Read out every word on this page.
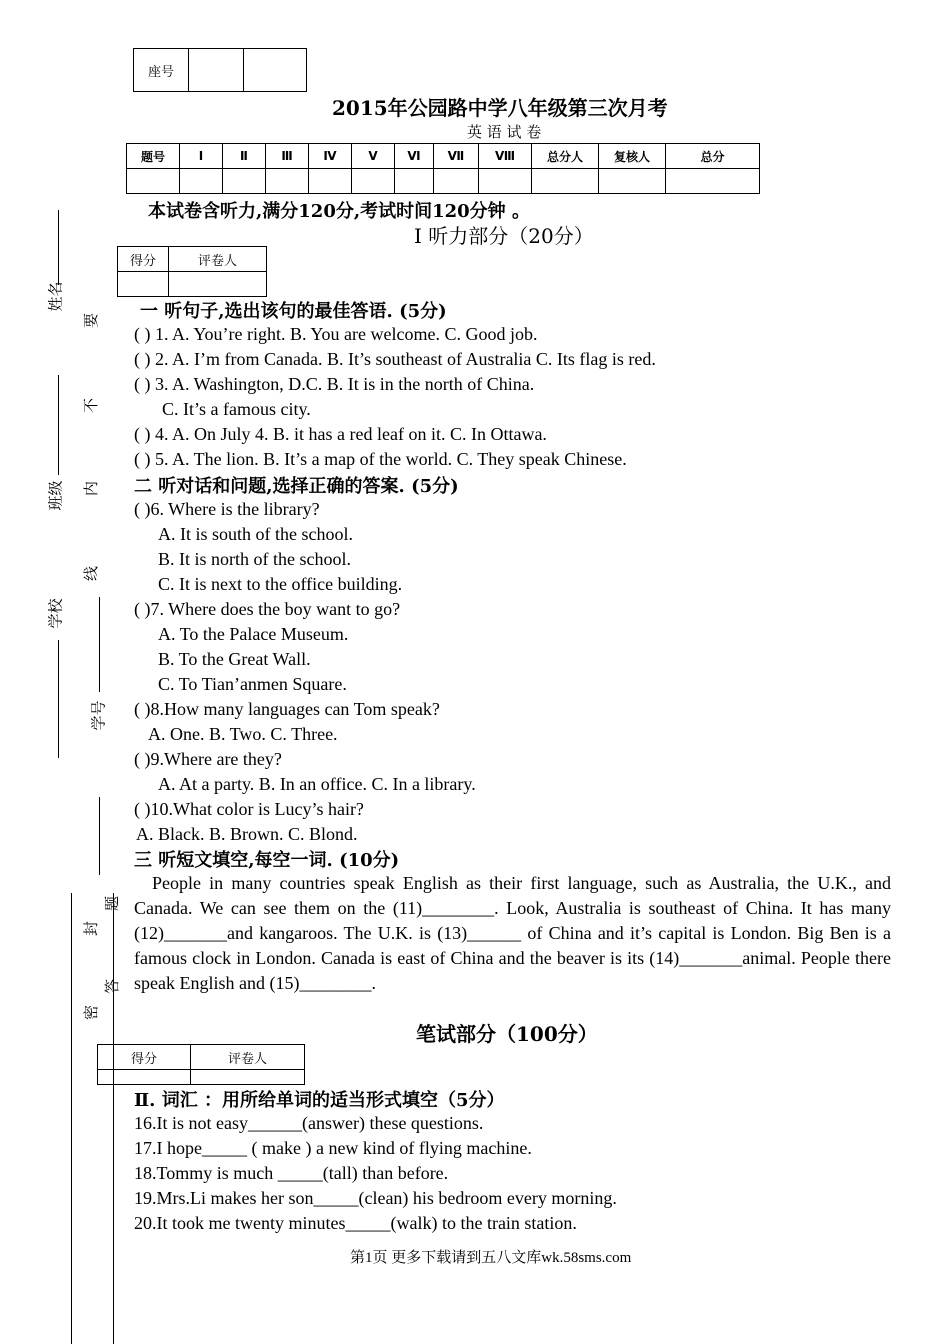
座号		
2015年公园路中学八年级第三次月考
英 语 试 卷
题号	Ⅰ	Ⅱ	Ⅲ	Ⅳ	Ⅴ	Ⅵ	Ⅶ	Ⅷ	总分人	复核人	总分

本试卷含听力,满分120分,考试时间120分钟 。
Ⅰ 听力部分（20分）
得分	评卷人

姓名
班级
学校
要
不
内
线
学号
题
封
答
密
一 听句子,选出该句的最佳答语. (5分)
( ) 1. A. You’re right. B. You are welcome. C. Good job.
( ) 2. A. I’m from Canada. B. It’s southeast of Australia C. Its flag is red.
( ) 3. A. Washington, D.C. B. It is in the north of China.
C. It’s a famous city.
( ) 4. A. On July 4. B. it has a red leaf on it. C. In Ottawa.
( ) 5. A. The lion. B. It’s a map of the world. C. They speak Chinese.
二 听对话和问题,选择正确的答案. (5分)
( )6. Where is the library?
A. It is south of the school.
B. It is north of the school.
C. It is next to the office building.
( )7. Where does the boy want to go?
A. To the Palace Museum.
B. To the Great Wall.
C. To Tian’anmen Square.
( )8.How many languages can Tom speak?
A. One. B. Two. C. Three.
( )9.Where are they?
A. At a party. B. In an office. C. In a library.
( )10.What color is Lucy’s hair?
A. Black. B. Brown. C. Blond.
三 听短文填空,每空一词. (10分)
People in many countries speak English as their first language, such as Australia, the U.K., and Canada. We can see them on the (11)________. Look, Australia is southeast of China. It has many (12)_______and kangaroos. The U.K. is (13)______ of China and it’s capital is London. Big Ben is a famous clock in London. Canada is east of China and the beaver is its (14)_______animal. People there speak English and (15)________.
笔试部分（100分）
得分	评卷人

Ⅱ. 词汇 ：用所给单词的适当形式填空（5分）
16.It is not easy______(answer) these questions.
17.I hope_____ ( make ) a new kind of flying machine.
18.Tommy is much _____(tall) than before.
19.Mrs.Li makes her son_____(clean) his bedroom every morning.
20.It took me twenty minutes_____(walk) to the train station.
第1页 更多下载请到五八文库wk.58sms.com
